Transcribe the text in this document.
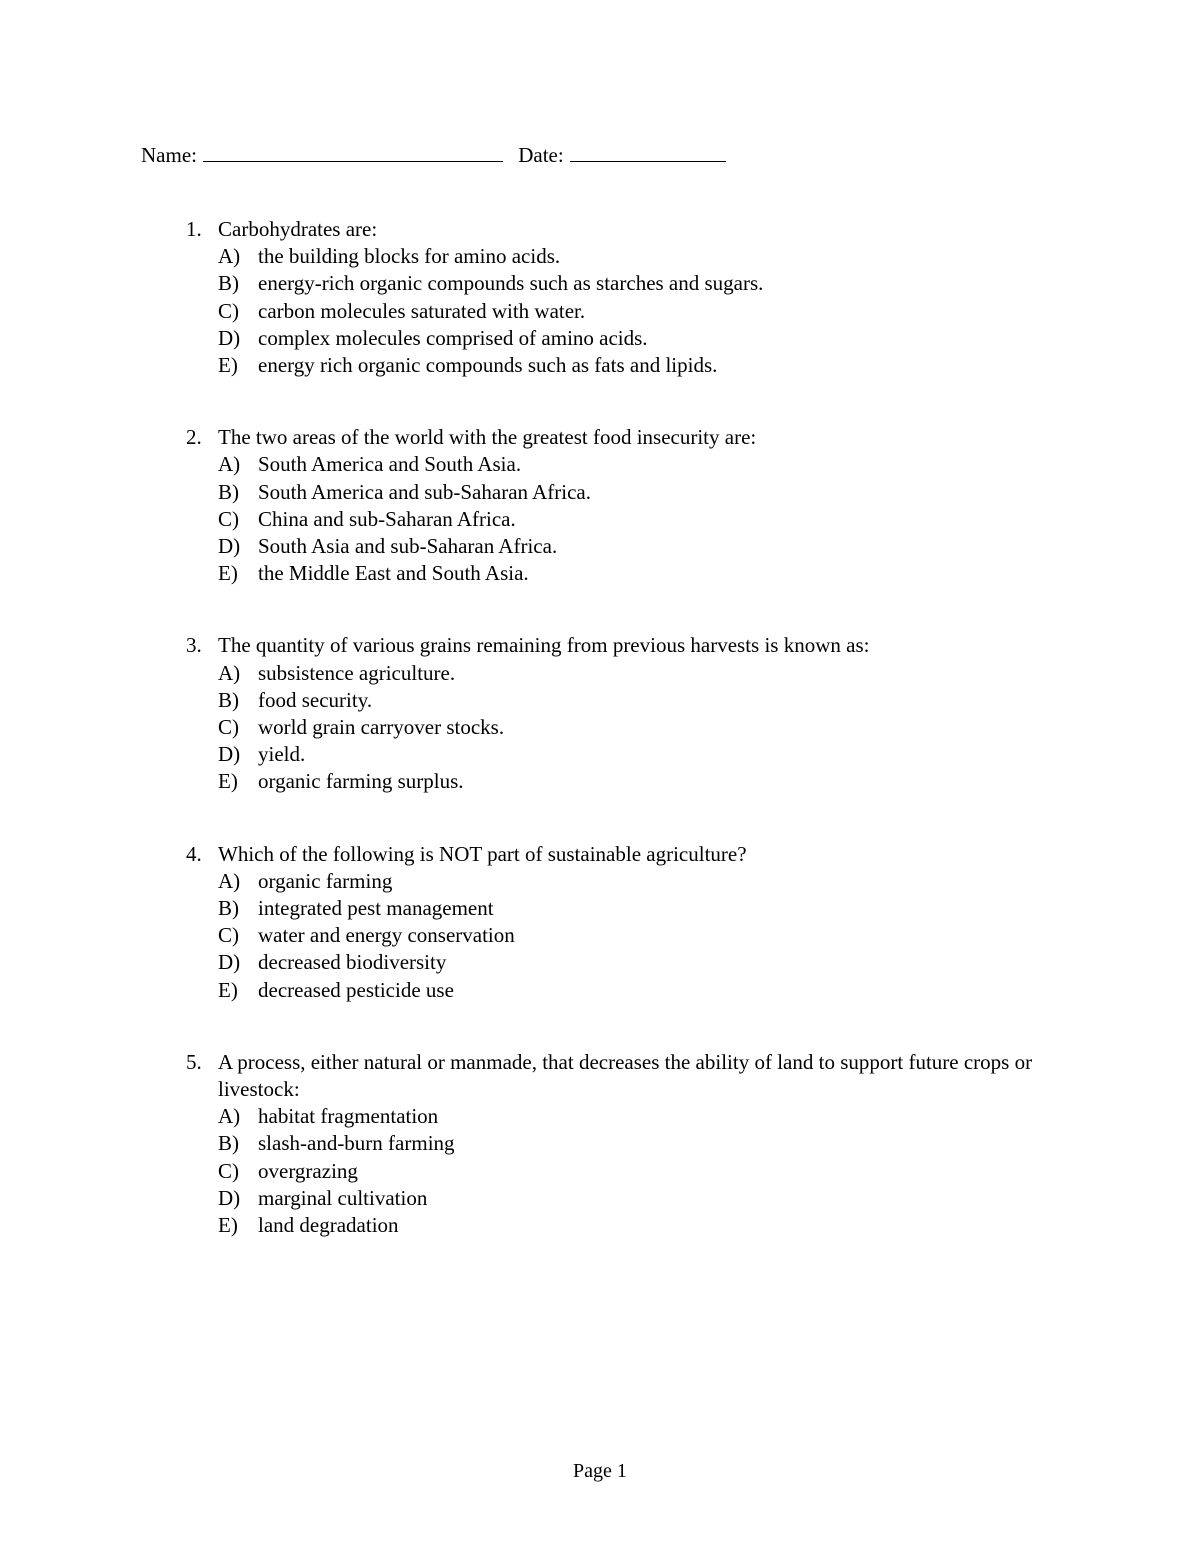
Name:	Date:
1. Carbohydrates are:

A) the building blocks for amino acids.
B) energy-rich organic compounds such as starches and sugars.
C) carbon molecules saturated with water.
D) complex molecules comprised of amino acids.
E) energy rich organic compounds such as fats and lipids.
2. The two areas of the world with the greatest food insecurity are:

A) South America and South Asia.
B) South America and sub-Saharan Africa.
C) China and sub-Saharan Africa.
D) South Asia and sub-Saharan Africa.
E) the Middle East and South Asia.
3. The quantity of various grains remaining from previous harvests is known as:

A) subsistence agriculture.
B) food security.
C) world grain carryover stocks.
D) yield.
E) organic farming surplus.
4. Which of the following is NOT part of sustainable agriculture?

A) organic farming
B) integrated pest management
C) water and energy conservation
D) decreased biodiversity
E) decreased pesticide use
5. A process, either natural or manmade, that decreases the ability of land to support future crops or livestock:

A) habitat fragmentation
B) slash-and-burn farming
C) overgrazing
D) marginal cultivation
E) land degradation
Page 1
